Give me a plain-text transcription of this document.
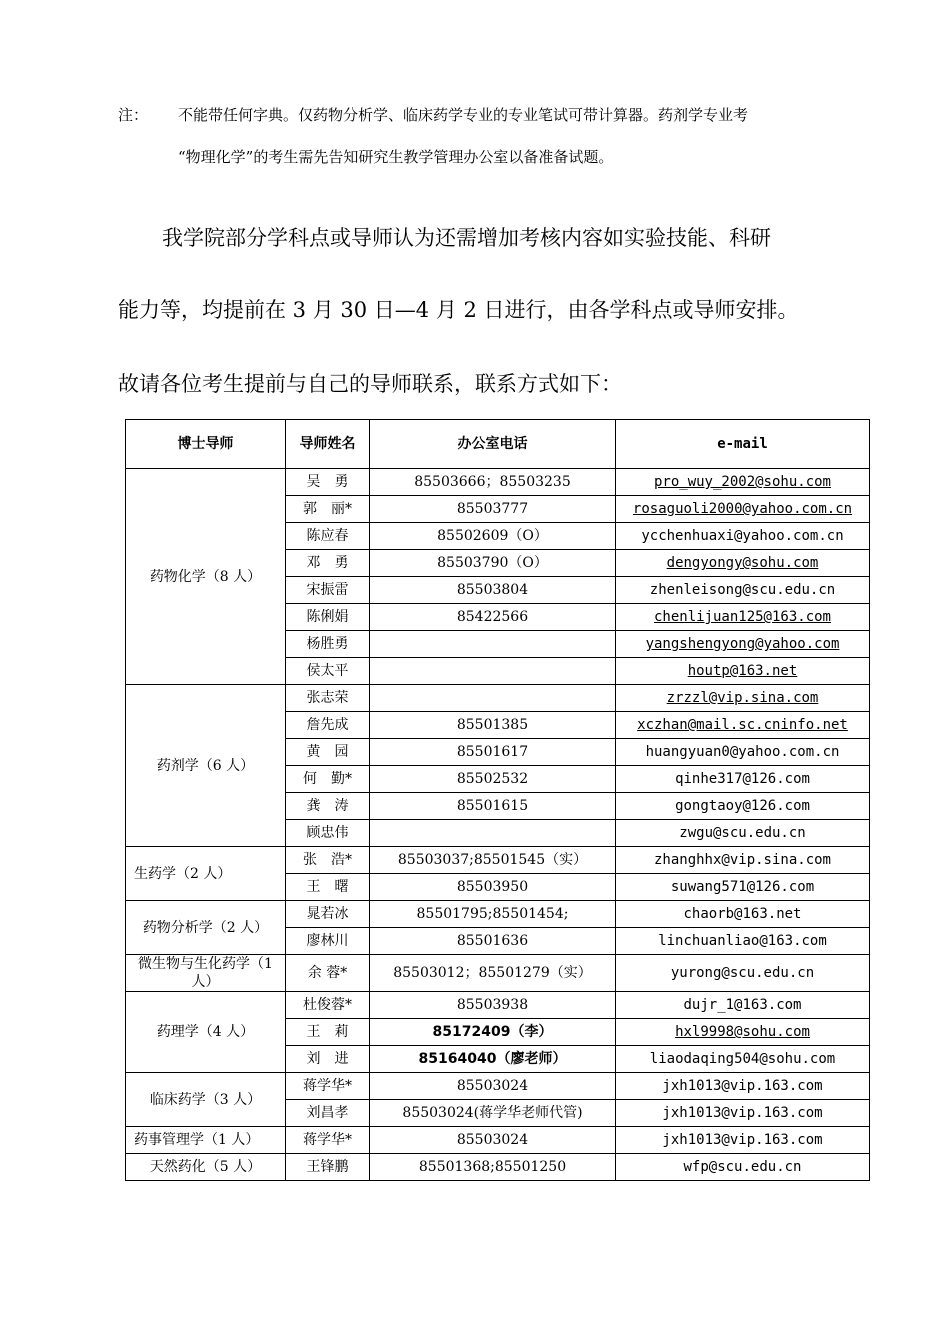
注： 不能带任何字典。仅药物分析学、临床药学专业的专业笔试可带计算器。药剂学专业考
“物理化学”的考生需先告知研究生教学管理办公室以备准备试题。
我学院部分学科点或导师认为还需增加考核内容如实验技能、科研
能力等，均提前在 3 月 30 日—4 月 2 日进行，由各学科点或导师安排。
故请各位考生提前与自己的导师联系，联系方式如下：
博士导师	导师姓名	办公室电话	e-mail
药物化学（8 人）	吴　勇	85503666；85503235	pro_wuy_2002@sohu.com
	郭　丽*	85503777	rosaguoli2000@yahoo.com.cn
	陈应春	85502609（O）	ycchenhuaxi@yahoo.com.cn
	邓　勇	85503790（O）	dengyongy@sohu.com
	宋振雷	85503804	zhenleisong@scu.edu.cn
	陈俐娟	85422566	chenlijuan125@163.com
	杨胜勇		yangshengyong@yahoo.com
	侯太平		houtp@163.net
药剂学（6 人）	张志荣		zrzzl@vip.sina.com
	詹先成	85501385	xczhan@mail.sc.cninfo.net
	黄　园	85501617	huangyuan0@yahoo.com.cn
	何　勤*	85502532	qinhe317@126.com
	龚　涛	85501615	gongtaoy@126.com
	顾忠伟		zwgu@scu.edu.cn
生药学（2 人）	张　浩*	85503037;85501545（实）	zhanghhx@vip.sina.com
	王　曙	85503950	suwang571@126.com
药物分析学（2 人）	晁若冰	85501795;85501454;	chaorb@163.net
	廖林川	85501636	linchuanliao@163.com
微生物与生化药学（1 人）	余 蓉*	85503012；85501279（实）	yurong@scu.edu.cn
药理学（4 人）	杜俊蓉*	85503938	dujr_1@163.com
	王　莉	85172409（李）	hxl9998@sohu.com
	刘　进	85164040（廖老师）	liaodaqing504@sohu.com
临床药学（3 人）	蒋学华*	85503024	jxh1013@vip.163.com
	刘昌孝	85503024(蒋学华老师代管)	jxh1013@vip.163.com
药事管理学（1 人）	蒋学华*	85503024	jxh1013@vip.163.com
天然药化（5 人）	王锋鹏	85501368;85501250	wfp@scu.edu.cn
